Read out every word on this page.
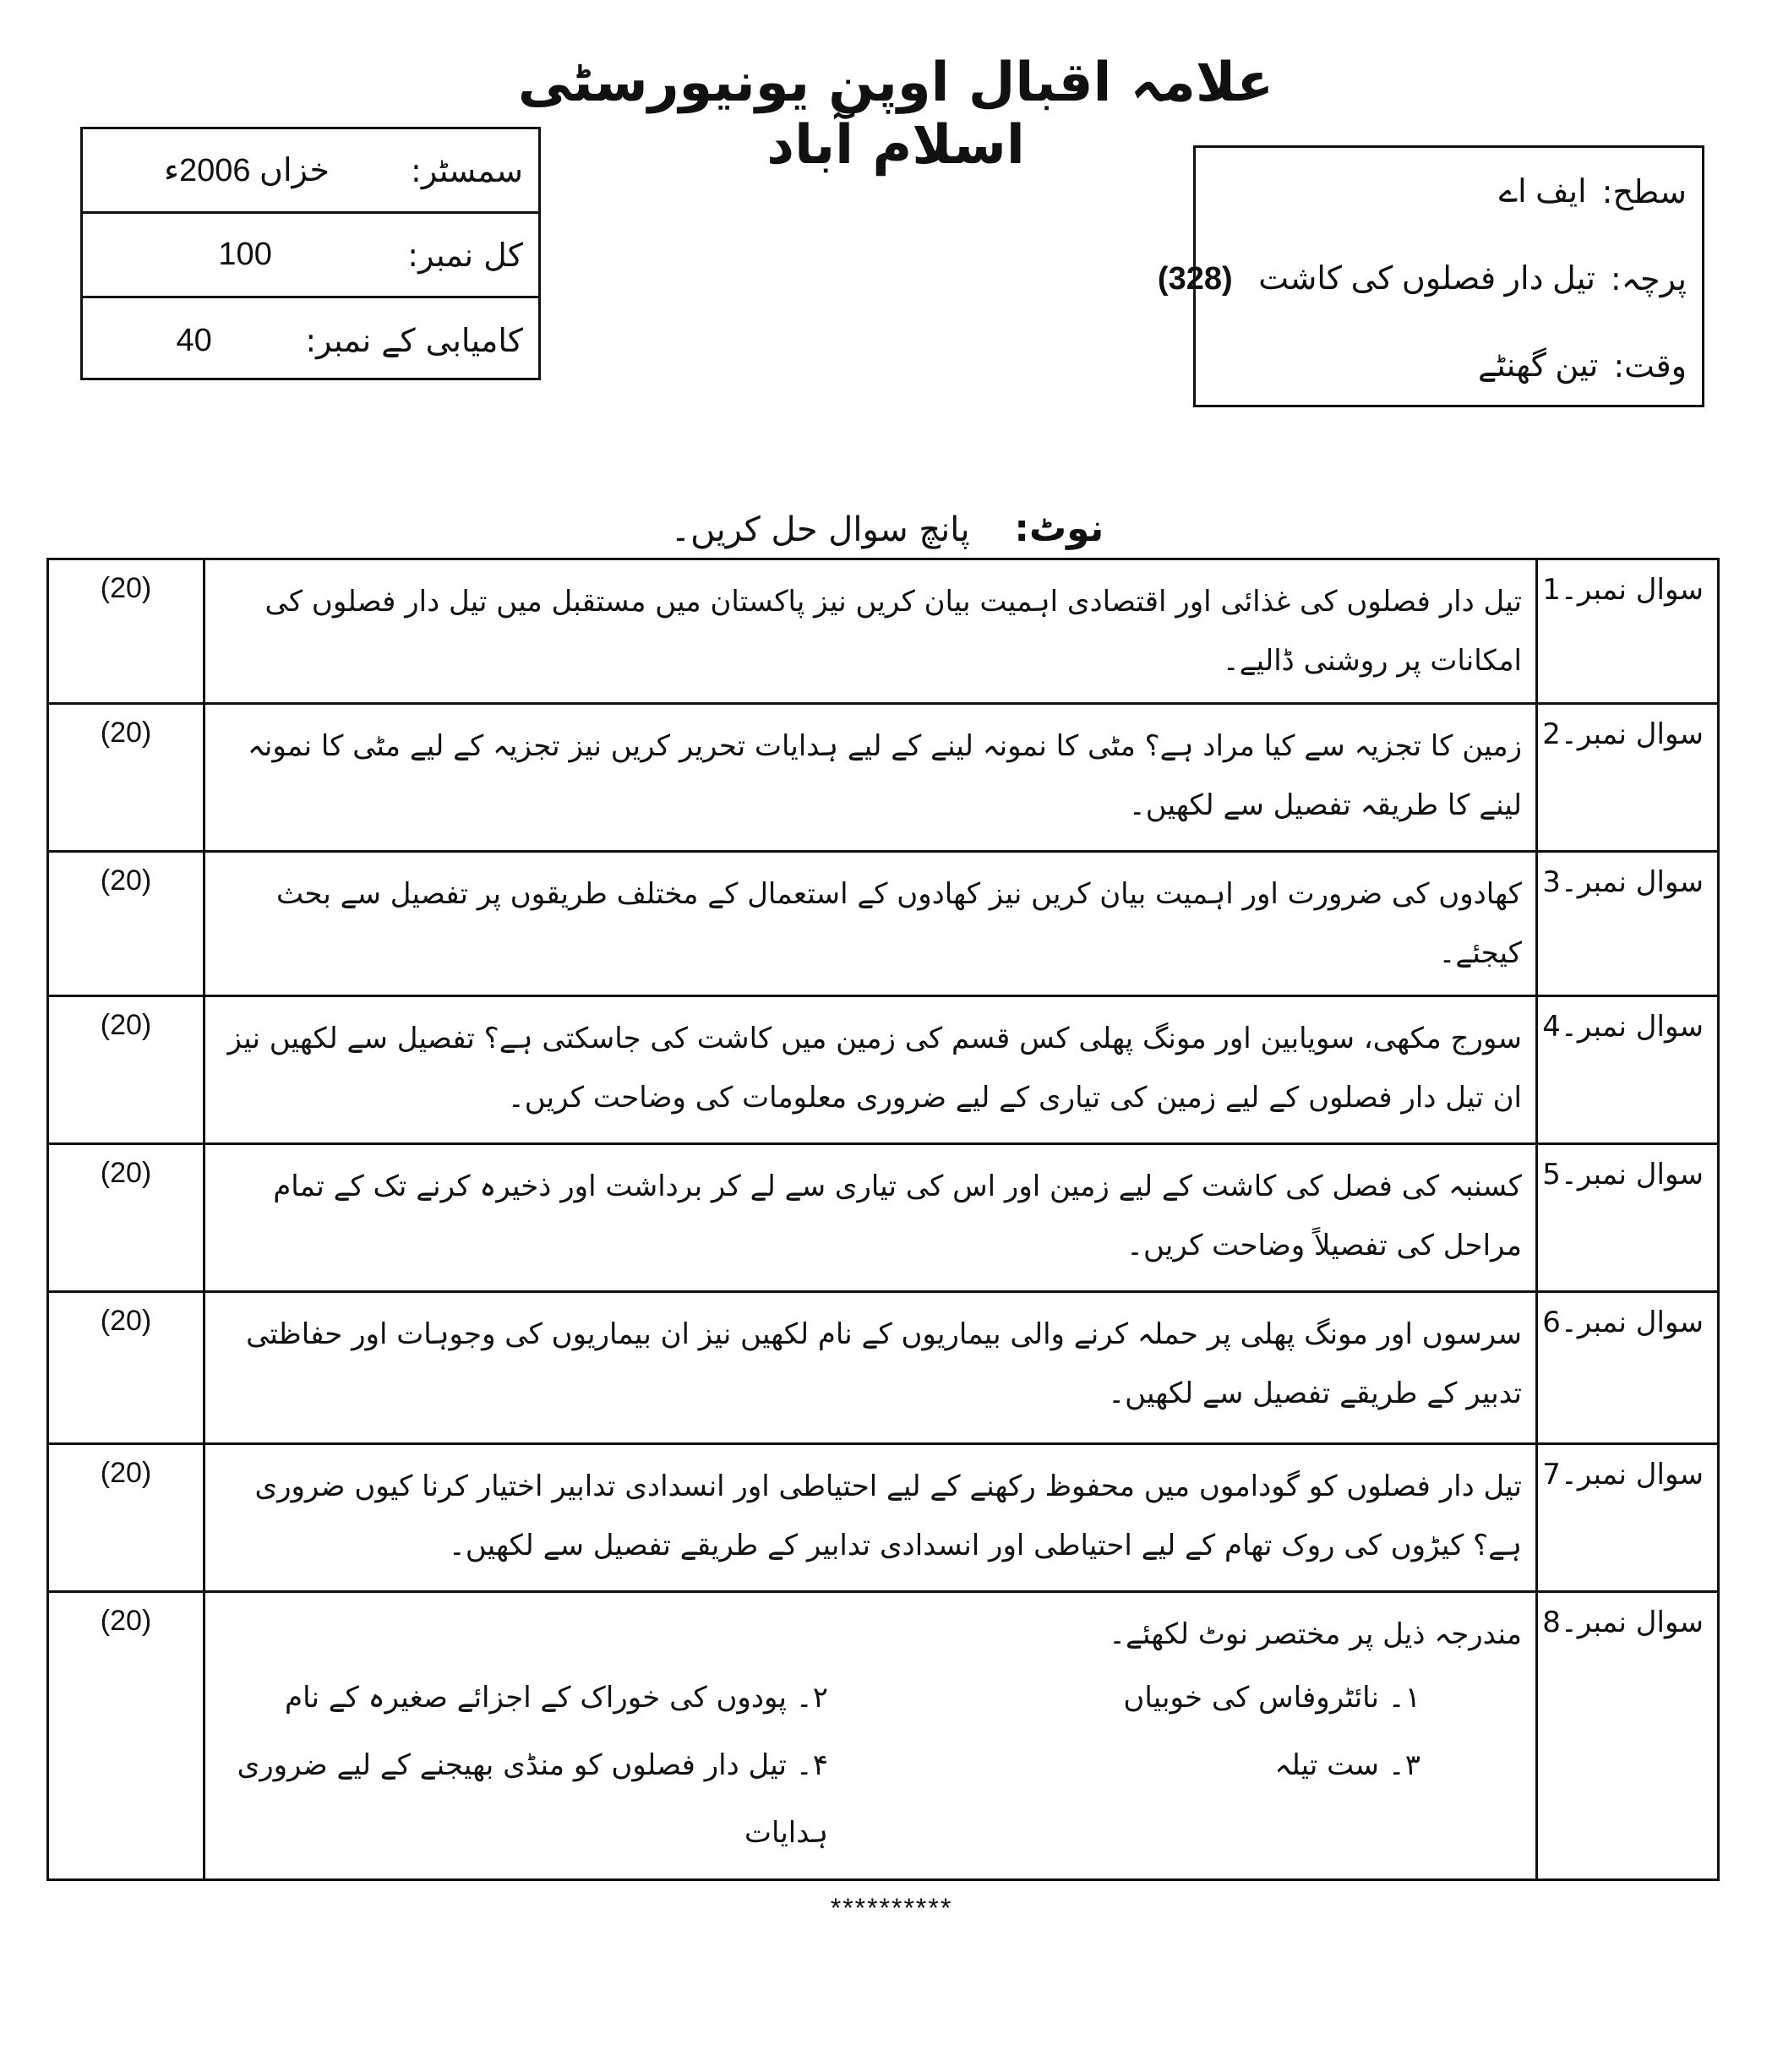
علامہ اقبال اوپن یونیورسٹی اسلام آباد
سمسٹر:
خزاں 2006ء
کل نمبر:
100
کامیابی کے نمبر:
40
سطح:
ایف اے
پرچہ:
تیل دار فصلوں کی کاشت (328)
وقت:
تین گھنٹے
نوٹ: پانچ سوال حل کریں۔
(20)	تیل دار فصلوں کی غذائی اور اقتصادی اہمیت بیان کریں نیز پاکستان میں مستقبل میں تیل دار فصلوں کی امکانات پر روشنی ڈالیے۔	سوال نمبر۔1
(20)	زمین کا تجزیہ سے کیا مراد ہے؟ مٹی کا نمونہ لینے کے لیے ہدایات تحریر کریں نیز تجزیہ کے لیے مٹی کا نمونہ لینے کا طریقہ تفصیل سے لکھیں۔	سوال نمبر۔2
(20)	کھادوں کی ضرورت اور اہمیت بیان کریں نیز کھادوں کے استعمال کے مختلف طریقوں پر تفصیل سے بحث کیجئے۔	سوال نمبر۔3
(20)	سورج مکھی، سویابین اور مونگ پھلی کس قسم کی زمین میں کاشت کی جاسکتی ہے؟ تفصیل سے لکھیں نیز ان تیل دار فصلوں کے لیے زمین کی تیاری کے لیے ضروری معلومات کی وضاحت کریں۔	سوال نمبر۔4
(20)	کسنبہ کی فصل کی کاشت کے لیے زمین اور اس کی تیاری سے لے کر برداشت اور ذخیرہ کرنے تک کے تمام مراحل کی تفصیلاً وضاحت کریں۔	سوال نمبر۔5
(20)	سرسوں اور مونگ پھلی پر حملہ کرنے والی بیماریوں کے نام لکھیں نیز ان بیماریوں کی وجوہات اور حفاظتی تدبیر کے طریقے تفصیل سے لکھیں۔	سوال نمبر۔6
(20)	تیل دار فصلوں کو گوداموں میں محفوظ رکھنے کے لیے احتیاطی اور انسدادی تدابیر اختیار کرنا کیوں ضروری ہے؟ کیڑوں کی روک تھام کے لیے احتیاطی اور انسدادی تدابیر کے طریقے تفصیل سے لکھیں۔	سوال نمبر۔7
(20)	مندرجہ ذیل پر مختصر نوٹ لکھئے۔
۱۔ نائٹروفاس کی خوبیاں
۲۔ پودوں کی خوراک کے اجزائے صغیرہ کے نام
۳۔ ست تیلہ
۴۔ تیل دار فصلوں کو منڈی بھیجنے کے لیے ضروری ہدایات	سوال نمبر۔8
**********
